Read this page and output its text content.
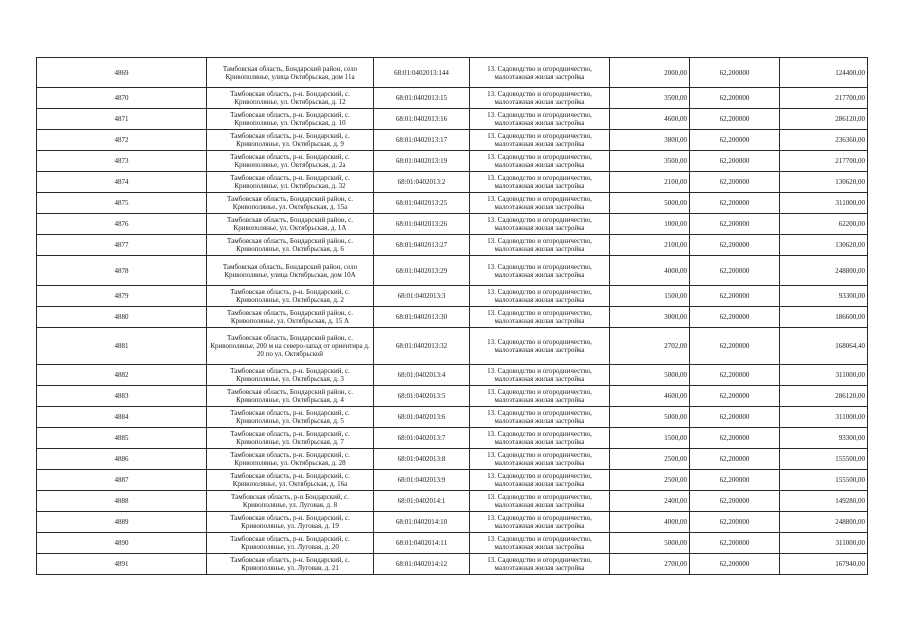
4869	Тамбовская область, Бондарский район, село Кривополянье, улица Октябрьская, дом 11а	68:01:0402013:144	13. Садоводство и огородничество, малоэтажная жилая застройка	2000,00	62,200000	124400,00
4870	Тамбовская область, р-н. Бондарский, с. Кривополянье, ул. Октябрьская, д. 12	68:01:0402013:15	13. Садоводство и огородничество, малоэтажная жилая застройка	3500,00	62,200000	217700,00
4871	Тамбовская область, р-н. Бондарский, с. Кривополянье, ул. Октябрьская, д. 10	68:01:0402013:16	13. Садоводство и огородничество, малоэтажная жилая застройка	4600,00	62,200000	286120,00
4872	Тамбовская область, р-н. Бондарский, с. Кривополянье, ул. Октябрьская, д. 9	68:01:0402013:17	13. Садоводство и огородничество, малоэтажная жилая застройка	3800,00	62,200000	236360,00
4873	Тамбовская область, р-н. Бондарский, с. Кривополянье, ул. Октябрьская, д. 2а	68:01:0402013:19	13. Садоводство и огородничество, малоэтажная жилая застройка	3500,00	62,200000	217700,00
4874	Тамбовская область, р-н. Бондарский, с. Кривополянье, ул. Октябрьская, д. 32	68:01:0402013:2	13. Садоводство и огородничество, малоэтажная жилая застройка	2100,00	62,200000	130620,00
4875	Тамбовская область, Бондарский район, с. Кривополянье, ул. Октябрьская, д. 15а	68:01:0402013:25	13. Садоводство и огородничество, малоэтажная жилая застройка	5000,00	62,200000	311000,00
4876	Тамбовская область, Бондарский район, с. Кривополянье, ул. Октябрьская, д. 1А	68:01:0402013:26	13. Садоводство и огородничество, малоэтажная жилая застройка	1000,00	62,200000	62200,00
4877	Тамбовская область, Бондарский район, с. Кривополянье, ул. Октябрьская, д. 6	68:01:0402013:27	13. Садоводство и огородничество, малоэтажная жилая застройка	2100,00	62,200000	130620,00
4878	Тамбовская область, Бондарский район, село Кривополянье, улица Октябрьская, дом 10А	68:01:0402013:29	13. Садоводство и огородничество, малоэтажная жилая застройка	4000,00	62,200000	248800,00
4879	Тамбовская область, р-н. Бондарский, с. Кривополянье, ул. Октябрьская, д. 2	68:01:0402013:3	13. Садоводство и огородничество, малоэтажная жилая застройка	1500,00	62,200000	93300,00
4880	Тамбовская область, Бондарский район, с. Кривополянье, ул. Октябрьская, д. 15 А	68:01:0402013:30	13. Садоводство и огородничество, малоэтажная жилая застройка	3000,00	62,200000	186600,00
4881	Тамбовская область, Бондарский район, с. Кривополянье, 200 м на северо-запад от ориентира д. 20 по ул. Октябрьской	68:01:0402013:32	13. Садоводство и огородничество, малоэтажная жилая застройка	2702,00	62,200000	168064,40
4882	Тамбовская область, р-н. Бондарский, с. Кривополянье, ул. Октябрьская, д. 3	68:01:0402013:4	13. Садоводство и огородничество, малоэтажная жилая застройка	5000,00	62,200000	311000,00
4883	Тамбовская область, Бондарский район, с. Кривополянье, ул. Октябрьская, д. 4	68:01:0402013:5	13. Садоводство и огородничество, малоэтажная жилая застройка	4600,00	62,200000	286120,00
4884	Тамбовская область, р-н. Бондарский, с. Кривополянье, ул. Октябрьская, д. 5	68:01:0402013:6	13. Садоводство и огородничество, малоэтажная жилая застройка	5000,00	62,200000	311000,00
4885	Тамбовская область, р-н. Бондарский, с. Кривополянье, ул. Октябрьская, д. 7	68:01:0402013:7	13. Садоводство и огородничество, малоэтажная жилая застройка	1500,00	62,200000	93300,00
4886	Тамбовская область, р-н. Бондарский, с. Кривополянье, ул. Октябрьская, д. 28	68:01:0402013:8	13. Садоводство и огородничество, малоэтажная жилая застройка	2500,00	62,200000	155500,00
4887	Тамбовская область, р-н. Бондарский, с. Кривополянье, ул. Октябрьская, д. 16а	68:01:0402013:9	13. Садоводство и огородничество, малоэтажная жилая застройка	2500,00	62,200000	155500,00
4888	Тамбовская область, р-н Бондарский, с. Кривополянье, ул. Луговая, д. 8	68:01:0402014:1	13. Садоводство и огородничество, малоэтажная жилая застройка	2400,00	62,200000	149280,00
4889	Тамбовская область, р-н. Бондарский, с. Кривополянье, ул. Луговая, д. 19	68:01:0402014:10	13. Садоводство и огородничество, малоэтажная жилая застройка	4000,00	62,200000	248800,00
4890	Тамбовская область, р-н. Бондарский, с. Кривополянье, ул. Луговая, д. 20	68:01:0402014:11	13. Садоводство и огородничество, малоэтажная жилая застройка	5000,00	62,200000	311000,00
4891	Тамбовская область, р-н. Бондарский, с. Кривополянье, ул. Луговая, д. 21	68:01:0402014:12	13. Садоводство и огородничество, малоэтажная жилая застройка	2700,00	62,200000	167940,00
